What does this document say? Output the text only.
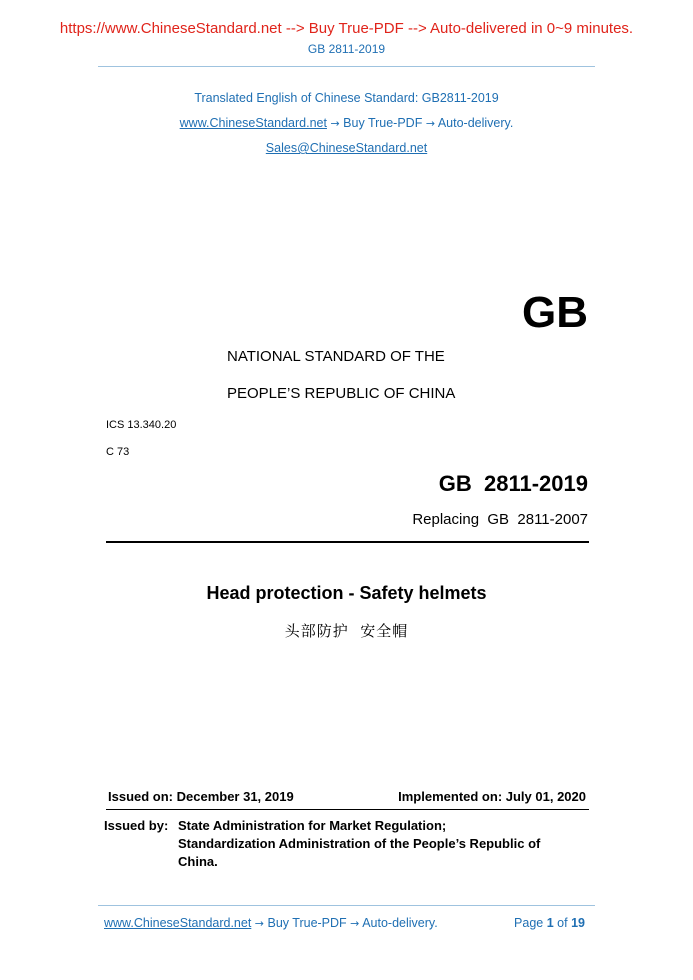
https://www.ChineseStandard.net --> Buy True-PDF --> Auto-delivered in 0~9 minutes.
GB 2811-2019
Translated English of Chinese Standard: GB2811-2019
www.ChineseStandard.net → Buy True-PDF → Auto-delivery.
Sales@ChineseStandard.net
GB
NATIONAL STANDARD OF THE
PEOPLE’S REPUBLIC OF CHINA
ICS 13.340.20
C 73
GB  2811-2019
Replacing  GB  2811-2007
Head protection - Safety helmets
头部防护  安全帽
Issued on: December 31, 2019	Implemented on: July 01, 2020
Issued by: State Administration for Market Regulation;
Standardization Administration of the People’s Republic of
China.
www.ChineseStandard.net → Buy True-PDF → Auto-delivery.	Page 1 of 19
